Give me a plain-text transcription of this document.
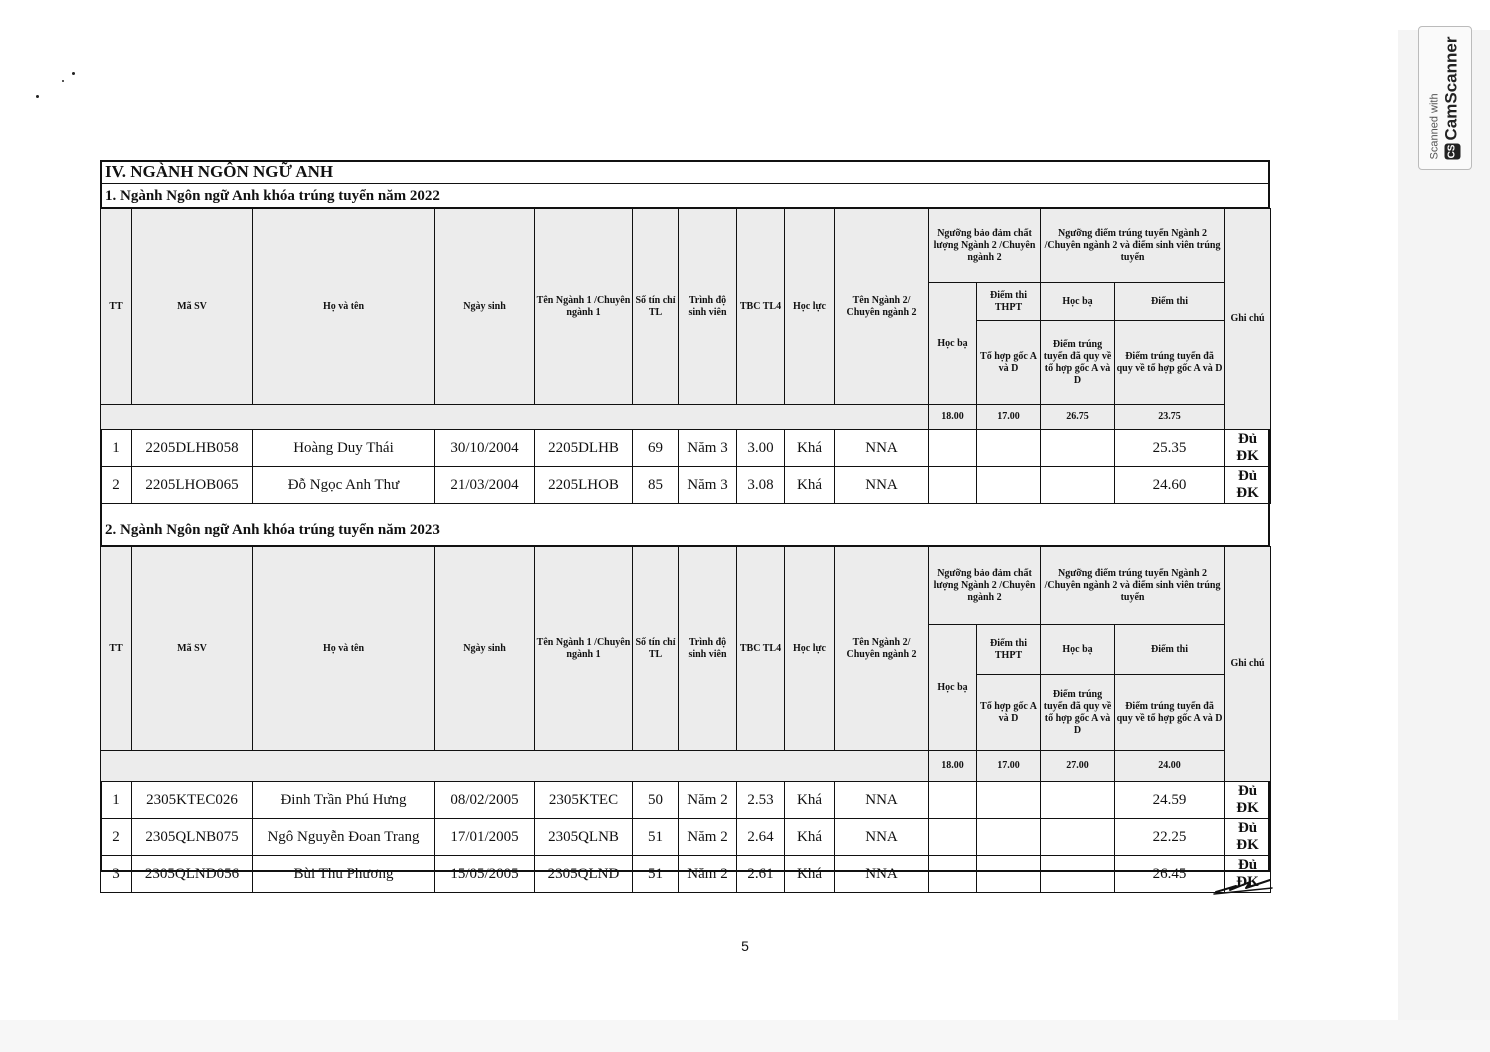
Scanned with CSCamScanner
IV. NGÀNH NGÔN NGỮ ANH
1. Ngành Ngôn ngữ Anh khóa trúng tuyển năm 2022
TT	Mã SV	Họ và tên	Ngày sinh	Tên Ngành 1 /Chuyên ngành 1	Số tín chỉ TL	Trình độ sinh viên	TBC TL4	Học lực	Tên Ngành 2/ Chuyên ngành 2	Ngưỡng bảo đảm chất lượng Ngành 2 /Chuyên ngành 2		Ngưỡng điểm trúng tuyển Ngành 2 /Chuyên ngành 2 và điểm sinh viên trúng tuyển		Ghi chú
										Học bạ	Điểm thi THPT	Học bạ	Điểm thi	
											Tổ hợp gốc A và D	Điểm trúng tuyển đã quy về tổ hợp gốc A và D	Điểm trúng tuyển đã quy về tổ hợp gốc A và D	
										18.00	17.00	26.75	23.75	
1	2205DLHB058	Hoàng Duy Thái	30/10/2004	2205DLHB	69	Năm 3	3.00	Khá	NNA				25.35	Đủ ĐK
2	2205LHOB065	Đỗ Ngọc Anh Thư	21/03/2004	2205LHOB	85	Năm 3	3.08	Khá	NNA				24.60	Đủ ĐK
2. Ngành Ngôn ngữ Anh khóa trúng tuyển năm 2023
TT	Mã SV	Họ và tên	Ngày sinh	Tên Ngành 1 /Chuyên ngành 1	Số tín chỉ TL	Trình độ sinh viên	TBC TL4	Học lực	Tên Ngành 2/ Chuyên ngành 2	Ngưỡng bảo đảm chất lượng Ngành 2 /Chuyên ngành 2		Ngưỡng điểm trúng tuyển Ngành 2 /Chuyên ngành 2 và điểm sinh viên trúng tuyển		Ghi chú
										Học bạ	Điểm thi THPT	Học bạ	Điểm thi	
											Tổ hợp gốc A và D	Điểm trúng tuyển đã quy về tổ hợp gốc A và D	Điểm trúng tuyển đã quy về tổ hợp gốc A và D	
										18.00	17.00	27.00	24.00	
1	2305KTEC026	Đinh Trần Phú Hưng	08/02/2005	2305KTEC	50	Năm 2	2.53	Khá	NNA				24.59	Đủ ĐK
2	2305QLNB075	Ngô Nguyễn Đoan Trang	17/01/2005	2305QLNB	51	Năm 2	2.64	Khá	NNA				22.25	Đủ ĐK
3	2305QLND056	Bùi Thu Phương	15/05/2005	2305QLND	51	Năm 2	2.61	Khá	NNA				26.45	Đủ ĐK
5
